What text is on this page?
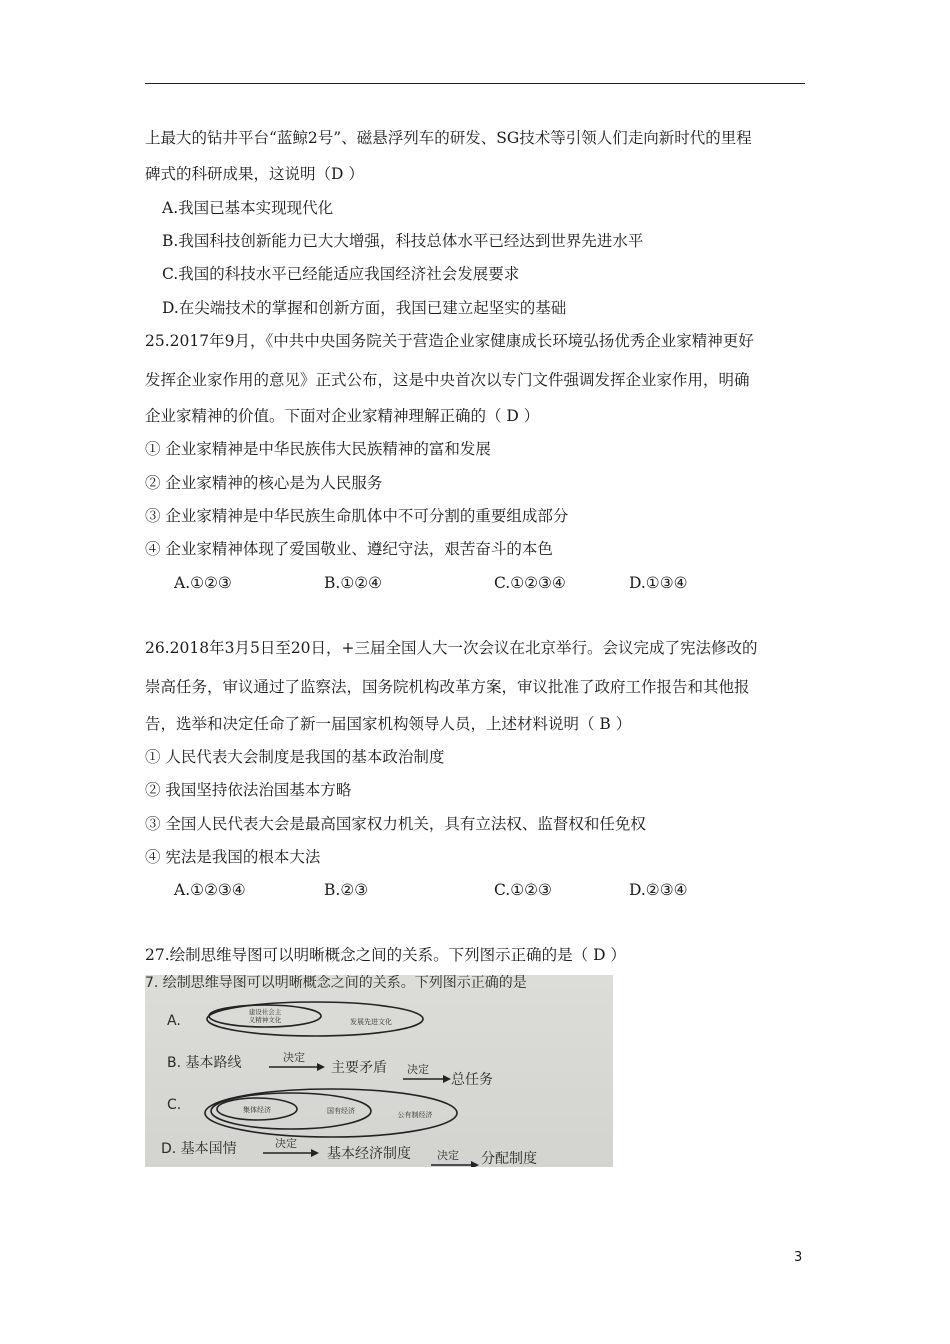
上最大的钻井平台“蓝鲸2号”、磁悬浮列车的研发、SG技术等引领人们走向新时代的里程
碑式的科研成果，这说明（D ）
A.我国已基本实现现代化
B.我国科技创新能力已大大增强，科技总体水平已经达到世界先进水平
C.我国的科技水平已经能适应我国经济社会发展要求
D.在尖端技术的掌握和创新方面，我国已建立起坚实的基础
25.2017年9月，《中共中央国务院关于营造企业家健康成长环境弘扬优秀企业家精神更好
发挥企业家作用的意见》正式公布，这是中央首次以专门文件强调发挥企业家作用，明确
企业家精神的价值。下面对企业家精神理解正确的（ D ）
① 企业家精神是中华民族伟大民族精神的富和发展
② 企业家精神的核心是为人民服务
③ 企业家精神是中华民族生命肌体中不可分割的重要组成部分
④ 企业家精神体现了爱国敬业、遵纪守法，艰苦奋斗的本色
A.①②③	B.①②④	C.①②③④	D.①③④
26.2018年3月5日至20日，+三届全国人大一次会议在北京举行。会议完成了宪法修改的
崇高任务，审议通过了监察法，国务院机构改革方案，审议批准了政府工作报告和其他报
告，选举和决定任命了新一届国家机构领导人员，上述材料说明（ B ）
① 人民代表大会制度是我国的基本政治制度
② 我国坚持依法治国基本方略
③ 全国人民代表大会是最高国家权力机关，具有立法权、监督权和任免权
④ 宪法是我国的根本大法
A.①②③④	B.②③	C.①②③	D.②③④
27.绘制思维导图可以明晰概念之间的关系。下列图示正确的是（ D ）
7. 绘制思维导图可以明晰概念之间的关系。下列图示正确的是
A.
建设社会主
义精神文化	发展先进文化
B. 基本路线	决定
主要矛盾 决定
总任务
C.	集体经济	国有经济	公有制经济
D. 基本国情	决定
基本经济制度 决定 分配制度
3
